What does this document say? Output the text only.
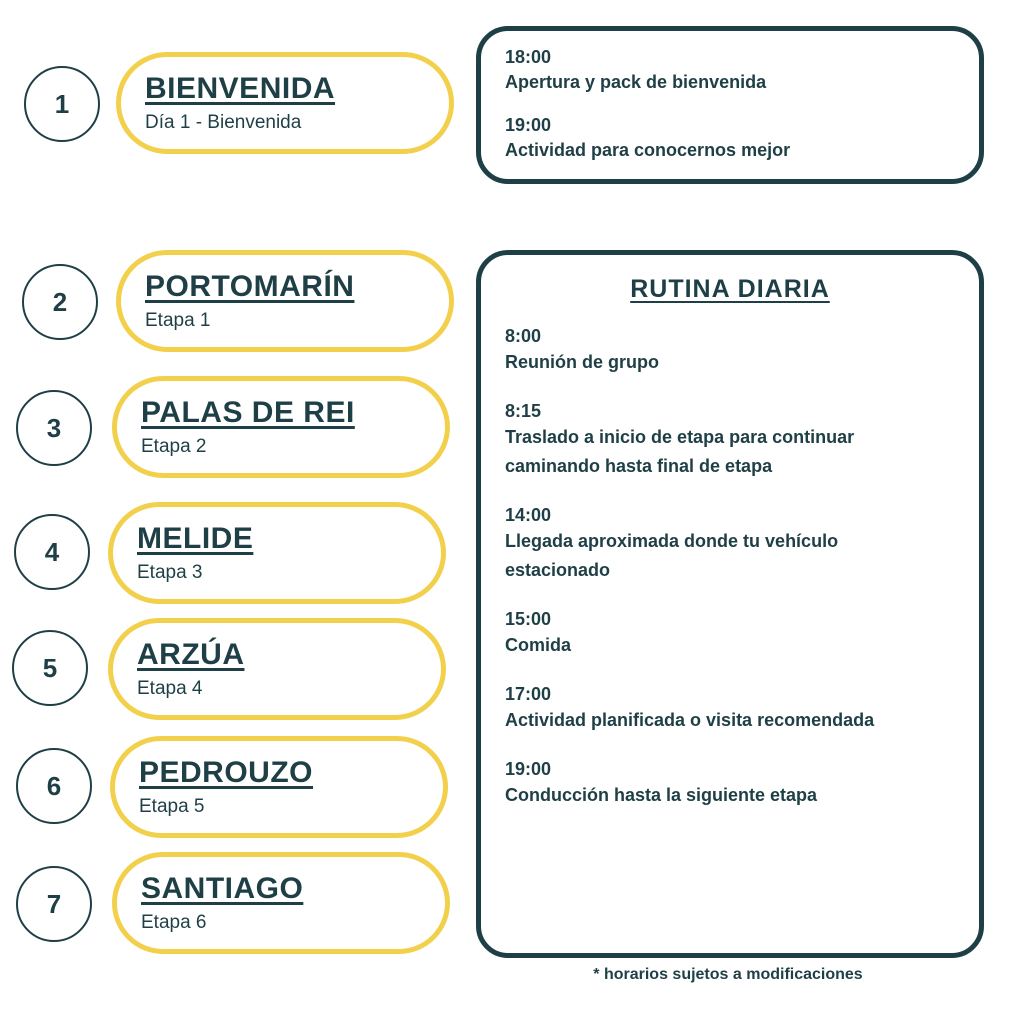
1	BIENVENIDA
Día 1 - Bienvenida
2	PORTOMARÍN
Etapa 1
3	PALAS DE REI
Etapa 2
4	MELIDE
Etapa 3
5	ARZÚA
Etapa 4
6	PEDROUZO
Etapa 5
7	SANTIAGO
Etapa 6
18:00
Apertura y pack de bienvenida
19:00
Actividad para conocernos mejor
RUTINA DIARIA
8:00
Reunión de grupo
8:15
Traslado a inicio de etapa para continuar caminando hasta final de etapa
14:00
Llegada aproximada donde tu vehículo estacionado
15:00
Comida
17:00
Actividad planificada o visita recomendada
19:00
Conducción hasta la siguiente etapa
* horarios sujetos a modificaciones
